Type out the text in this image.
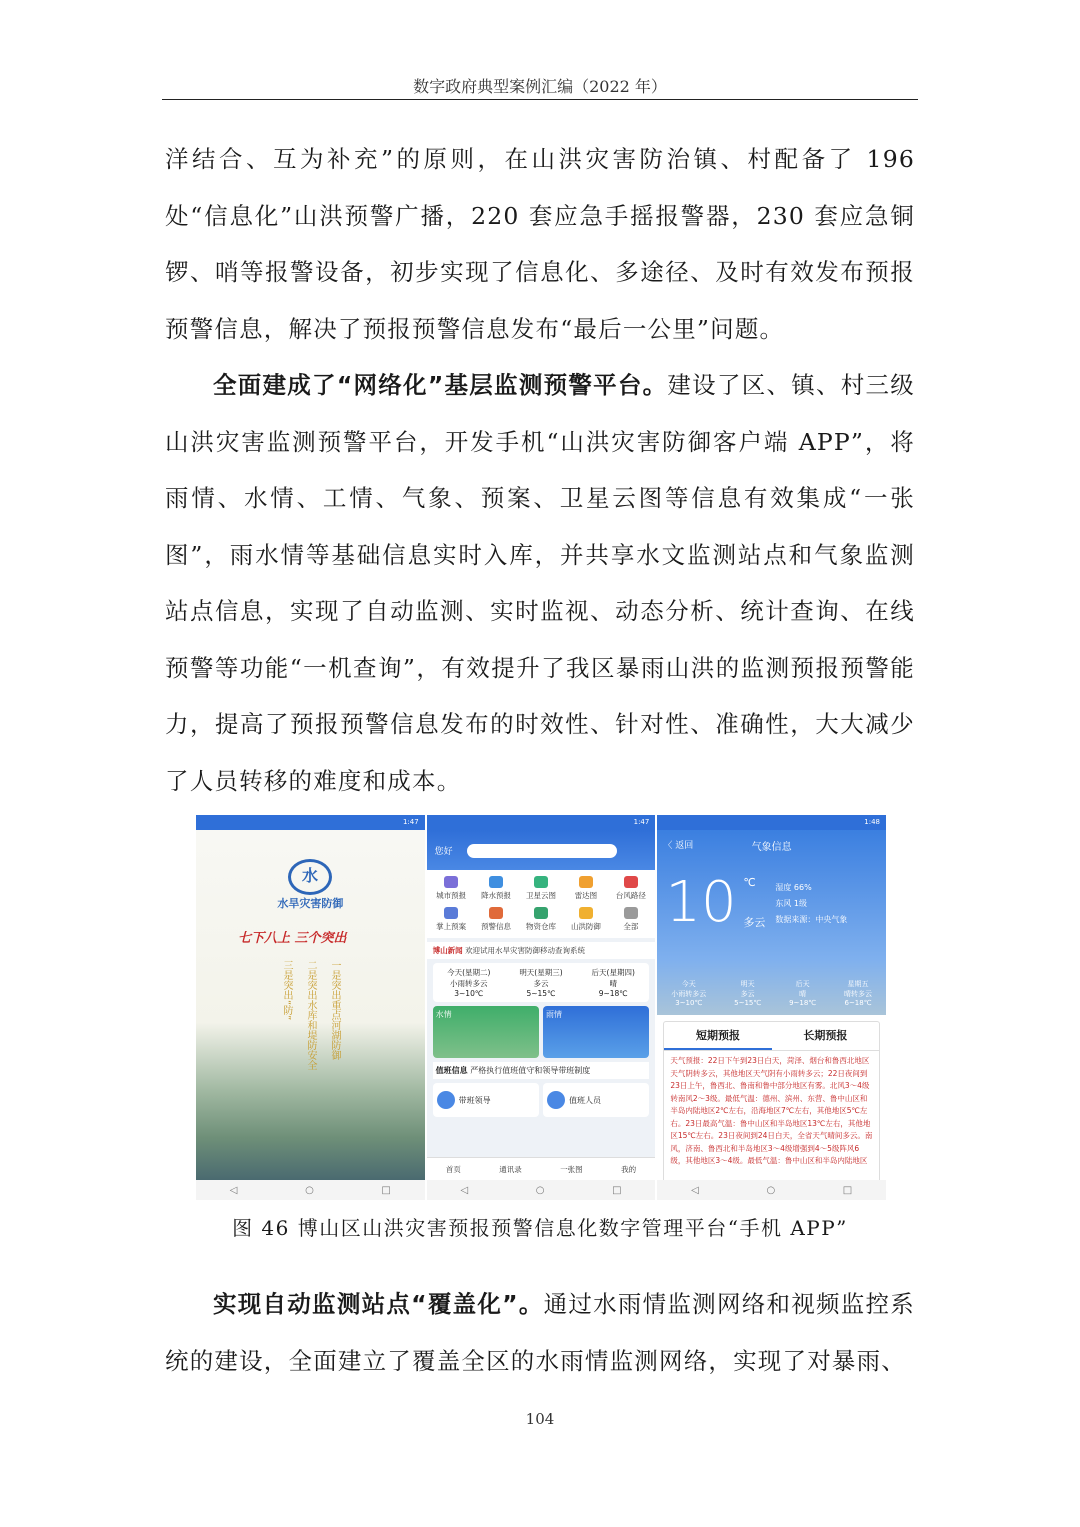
数字政府典型案例汇编（2022 年）

洋结合、互为补充”的原则，在山洪灾害防治镇、村配备了 196 处“信息化”山洪预警广播，220 套应急手摇报警器，230 套应急铜锣、哨等报警设备，初步实现了信息化、多途径、及时有效发布预报预警信息，解决了预报预警信息发布“最后一公里”问题。

全面建成了“网络化”基层监测预警平台。建设了区、镇、村三级山洪灾害监测预警平台，开发手机“山洪灾害防御客户端 APP”，将雨情、水情、工情、气象、预案、卫星云图等信息有效集成“一张图”，雨水情等基础信息实时入库，并共享水文监测站点和气象监测站点信息，实现了自动监测、实时监视、动态分析、统计查询、在线预警等功能“一机查询”，有效提升了我区暴雨山洪的监测预报预警能力，提高了预报预警信息发布的时效性、针对性、准确性，大大减少了人员转移的难度和成本。

1:47
水
水旱灾害防御
七下八上 三个突出
三是突出“防” 二是突出水库和堤防安全 一是突出重点河湖防御
◁	○	□
1:47
您好
城市预报	降水预报	卫星云图	雷达图	台风路径
掌上预案	预警信息	物资仓库	山洪防御	全部
博山新闻 欢迎试用水旱灾害防御移动查询系统
今天(星期二)
小雨转多云
3~10℃
明天(星期三)
多云
5~15℃
后天(星期四)
晴
9~18℃
水情	雨情
值班信息 严格执行值班值守和领导带班制度
带班领导	值班人员
首页	通讯录	一张图	我的
◁	○	□
1:48
〈 返回	气象信息
10 ℃
多云
湿度 66%
东风 1级
数据来源：中央气象
今天
小雨转多云
3~10℃
明天
多云
5~15℃
后天
晴
9~18℃
星期五
晴转多云
6~18℃
短期预报	长期预报
天气预报：22日下午到23日白天，菏泽、烟台和鲁西北地区天气阴转多云，其他地区天气阴有小雨转多云；22日夜间到23日上午，鲁西北、鲁南和鲁中部分地区有雾。北风3～4级转南风2～3级。最低气温：德州、滨州、东营、鲁中山区和半岛内陆地区2℃左右，沿海地区7℃左右，其他地区5℃左右。23日最高气温：鲁中山区和半岛地区13℃左右，其他地区15℃左右。23日夜间到24日白天，全省天气晴间多云。南风，济南、鲁西北和半岛地区3～4级增强到4～5级阵风6级，其他地区3～4级。最低气温：鲁中山区和半岛内陆地区
◁	○	□
图 46 博山区山洪灾害预报预警信息化数字管理平台“手机 APP”

实现自动监测站点“覆盖化”。通过水雨情监测网络和视频监控系统的建设，全面建立了覆盖全区的水雨情监测网络，实现了对暴雨、

104
